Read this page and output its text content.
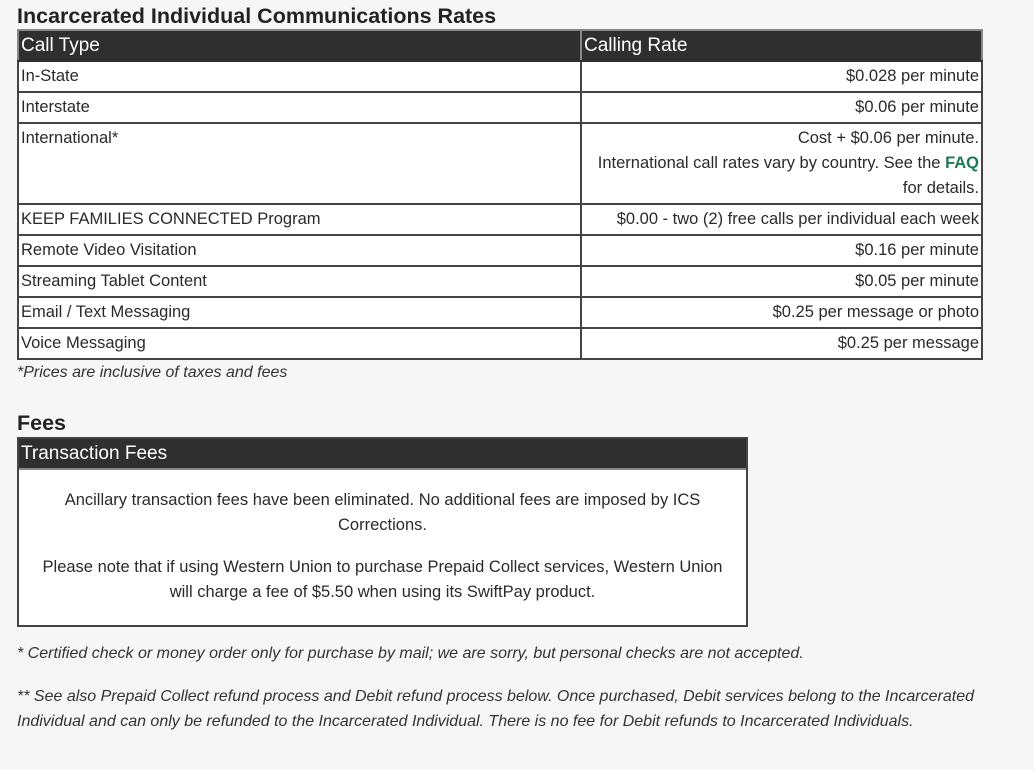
Incarcerated Individual Communications Rates
Call Type	Calling Rate
In-State	$0.028 per minute
Interstate	$0.06 per minute
International*	Cost + $0.06 per minute.
International call rates vary by country. See the FAQ
for details.

KEEP FAMILIES CONNECTED Program	$0.00 - two (2) free calls per individual each week
Remote Video Visitation	$0.16 per minute
Streaming Tablet Content	$0.05 per minute
Email / Text Messaging	$0.25 per message or photo
Voice Messaging	$0.25 per message

*Prices are inclusive of taxes and fees

Fees
Transaction Fees

Ancillary transaction fees have been eliminated. No additional fees are imposed by ICS Corrections.

Please note that if using Western Union to purchase Prepaid Collect services, Western Union will charge a fee of $5.50 when using its SwiftPay product.

* Certified check or money order only for purchase by mail; we are sorry, but personal checks are not accepted.

** See also Prepaid Collect refund process and Debit refund process below. Once purchased, Debit services belong to the Incarcerated Individual and can only be refunded to the Incarcerated Individual. There is no fee for Debit refunds to Incarcerated Individuals.
